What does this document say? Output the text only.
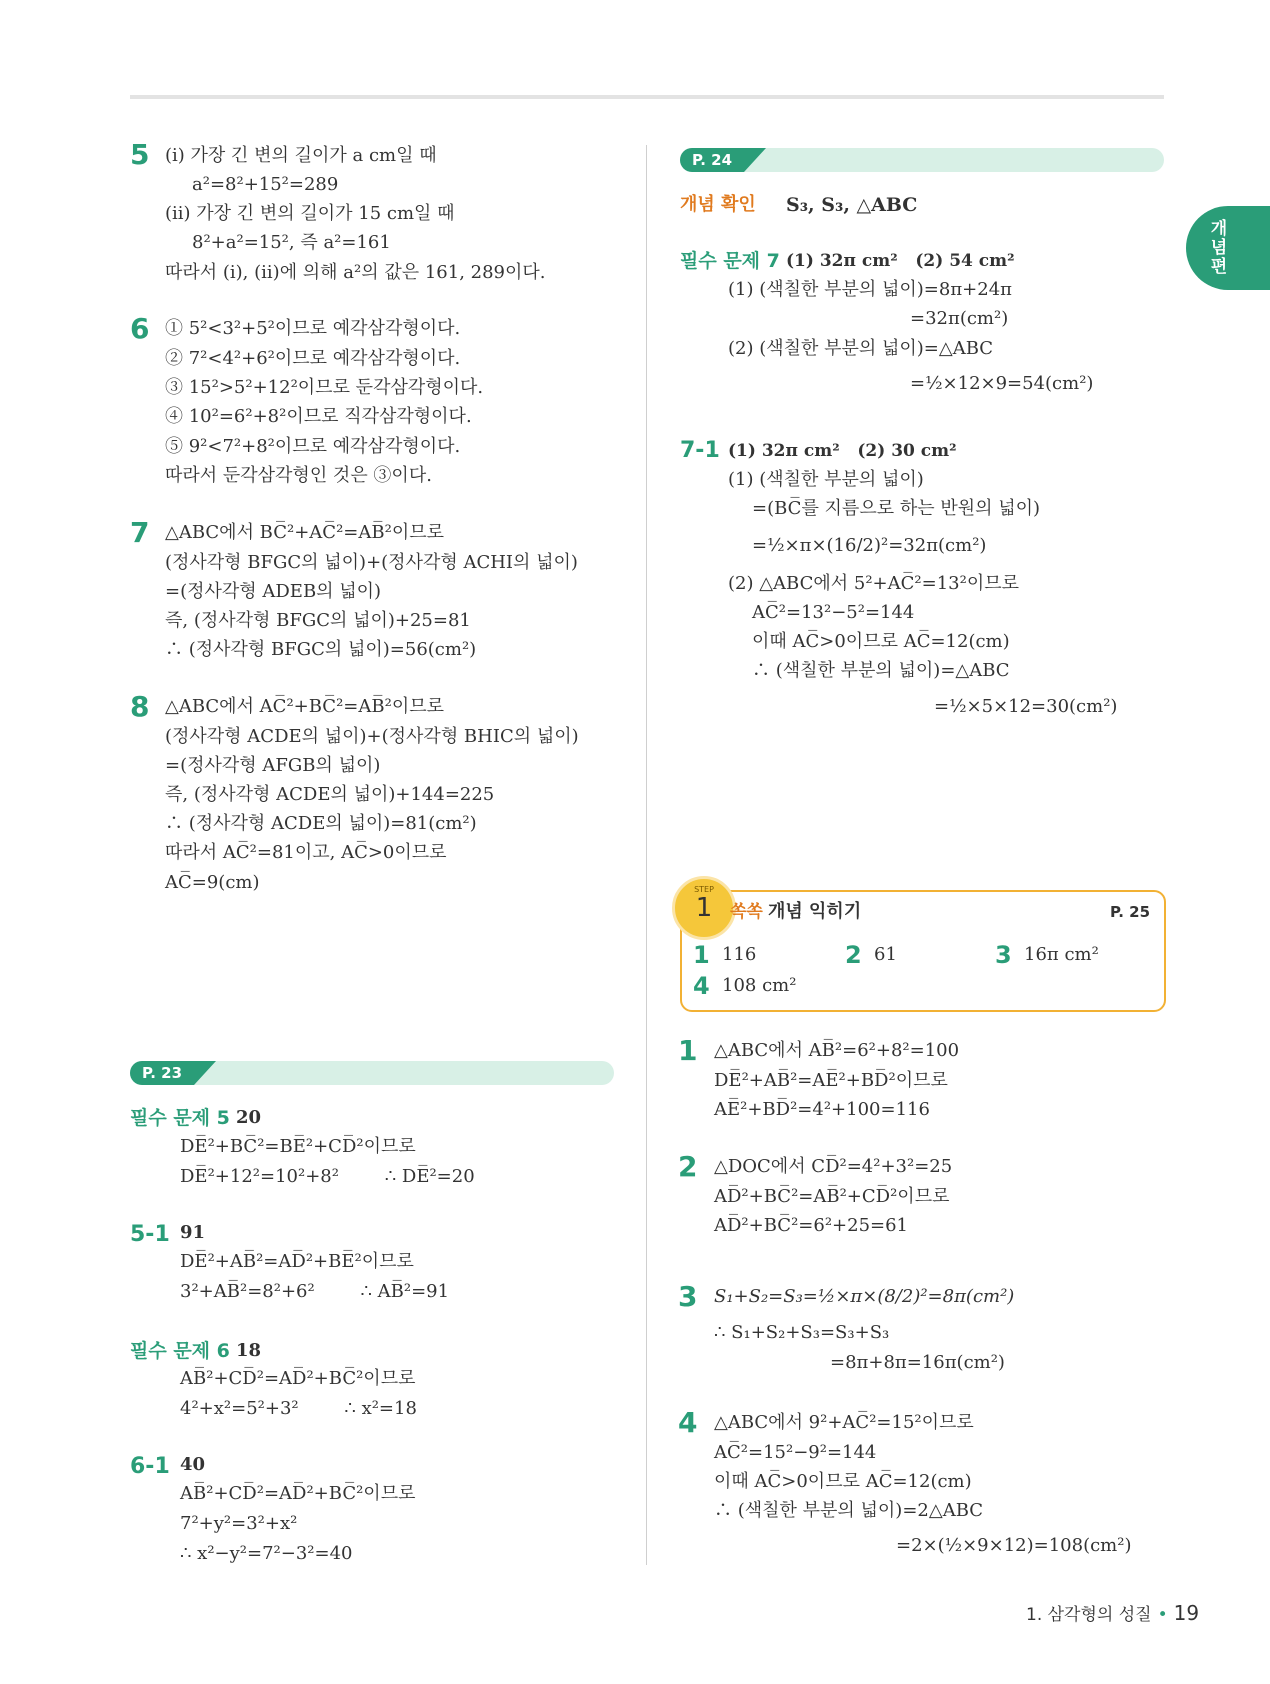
개념편
5 (i) 가장 긴 변의 길이가 a cm일 때
a²=8²+15²=289
(ii) 가장 긴 변의 길이가 15 cm일 때
8²+a²=15², 즉 a²=161
따라서 (i), (ii)에 의해 a²의 값은 161, 289이다.
6 ① 5²<3²+5²이므로 예각삼각형이다.
② 7²<4²+6²이므로 예각삼각형이다.
③ 15²>5²+12²이므로 둔각삼각형이다.
④ 10²=6²+8²이므로 직각삼각형이다.
⑤ 9²<7²+8²이므로 예각삼각형이다.
따라서 둔각삼각형인 것은 ③이다.
7 △ABC에서 BC̅²+AC̅²=AB̅²이므로
(정사각형 BFGC의 넓이)+(정사각형 ACHI의 넓이)
=(정사각형 ADEB의 넓이)
즉, (정사각형 BFGC의 넓이)+25=81
∴ (정사각형 BFGC의 넓이)=56(cm²)
8 △ABC에서 AC̅²+BC̅²=AB̅²이므로
(정사각형 ACDE의 넓이)+(정사각형 BHIC의 넓이)
=(정사각형 AFGB의 넓이)
즉, (정사각형 ACDE의 넓이)+144=225
∴ (정사각형 ACDE의 넓이)=81(cm²)
따라서 AC̅²=81이고, AC̅>0이므로
AC̅=9(cm)
P. 23
필수 문제 5 20
DE̅²+BC̅²=BE̅²+CD̅²이므로
DE̅²+12²=10²+8²        ∴ DE̅²=20
5-1 91
DE̅²+AB̅²=AD̅²+BE̅²이므로
3²+AB̅²=8²+6²        ∴ AB̅²=91
필수 문제 6 18
AB̅²+CD̅²=AD̅²+BC̅²이므로
4²+x²=5²+3²        ∴ x²=18
6-1 40
AB̅²+CD̅²=AD̅²+BC̅²이므로
7²+y²=3²+x²
∴ x²−y²=7²−3²=40
P. 24
개념 확인 S₃, S₃, △ABC
필수 문제 7 (1) 32π cm²   (2) 54 cm²
(1) (색칠한 부분의 넓이)=8π+24π
=32π(cm²)
(2) (색칠한 부분의 넓이)=△ABC
=½×12×9=54(cm²)
7-1 (1) 32π cm²   (2) 30 cm²
(1) (색칠한 부분의 넓이)
=(BC̅를 지름으로 하는 반원의 넓이)
=½×π×(16/2)²=32π(cm²)
(2) △ABC에서 5²+AC̅²=13²이므로
AC̅²=13²−5²=144
이때 AC̅>0이므로 AC̅=12(cm)
∴ (색칠한 부분의 넓이)=△ABC
=½×5×12=30(cm²)
STEP
1	쏙쏙 개념 익히기	P. 25
1 116	2 61	3 16π cm²
4 108 cm²
1 △ABC에서 AB̅²=6²+8²=100
DE̅²+AB̅²=AE̅²+BD̅²이므로
AE̅²+BD̅²=4²+100=116
2 △DOC에서 CD̅²=4²+3²=25
AD̅²+BC̅²=AB̅²+CD̅²이므로
AD̅²+BC̅²=6²+25=61
3 S₁+S₂=S₃=½×π×(8/2)²=8π(cm²)
∴ S₁+S₂+S₃=S₃+S₃
=8π+8π=16π(cm²)
4 △ABC에서 9²+AC̅²=15²이므로
AC̅²=15²−9²=144
이때 AC̅>0이므로 AC̅=12(cm)
∴ (색칠한 부분의 넓이)=2△ABC
=2×(½×9×12)=108(cm²)
1. 삼각형의 성질 • 19
